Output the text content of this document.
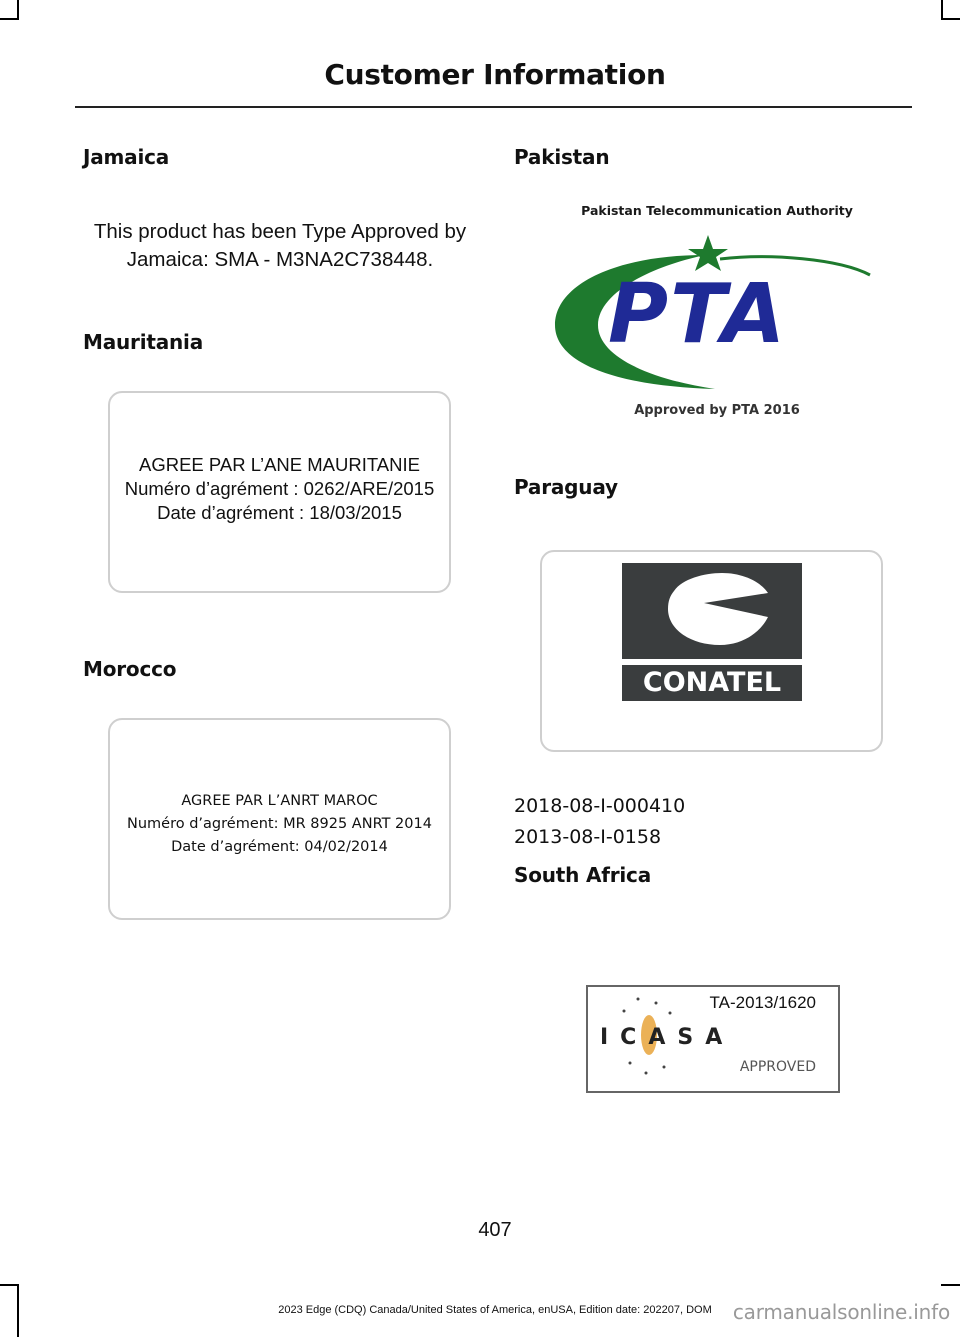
Customer Information
Jamaica
This product has been Type Approved by
Jamaica: SMA - M3NA2C738448.
Mauritania
AGREE PAR L’ANE MAURITANIE
Numéro d’agrément : 0262/ARE/2015
Date d’agrément : 18/03/2015
Morocco
AGREE PAR L’ANRT MAROC
Numéro d’agrément: MR 8925 ANRT 2014
Date d’agrément: 04/02/2014
Pakistan
Pakistan Telecommunication Authority
PTA
Approved by PTA 2016
Paraguay
CONATEL
2018-08-I-000410
2013-08-I-0158
South Africa
TA-2013/1620
ICASA
APPROVED
407
2023 Edge (CDQ) Canada/United States of America, enUSA, Edition date: 202207, DOM	carmanualsonline.info
